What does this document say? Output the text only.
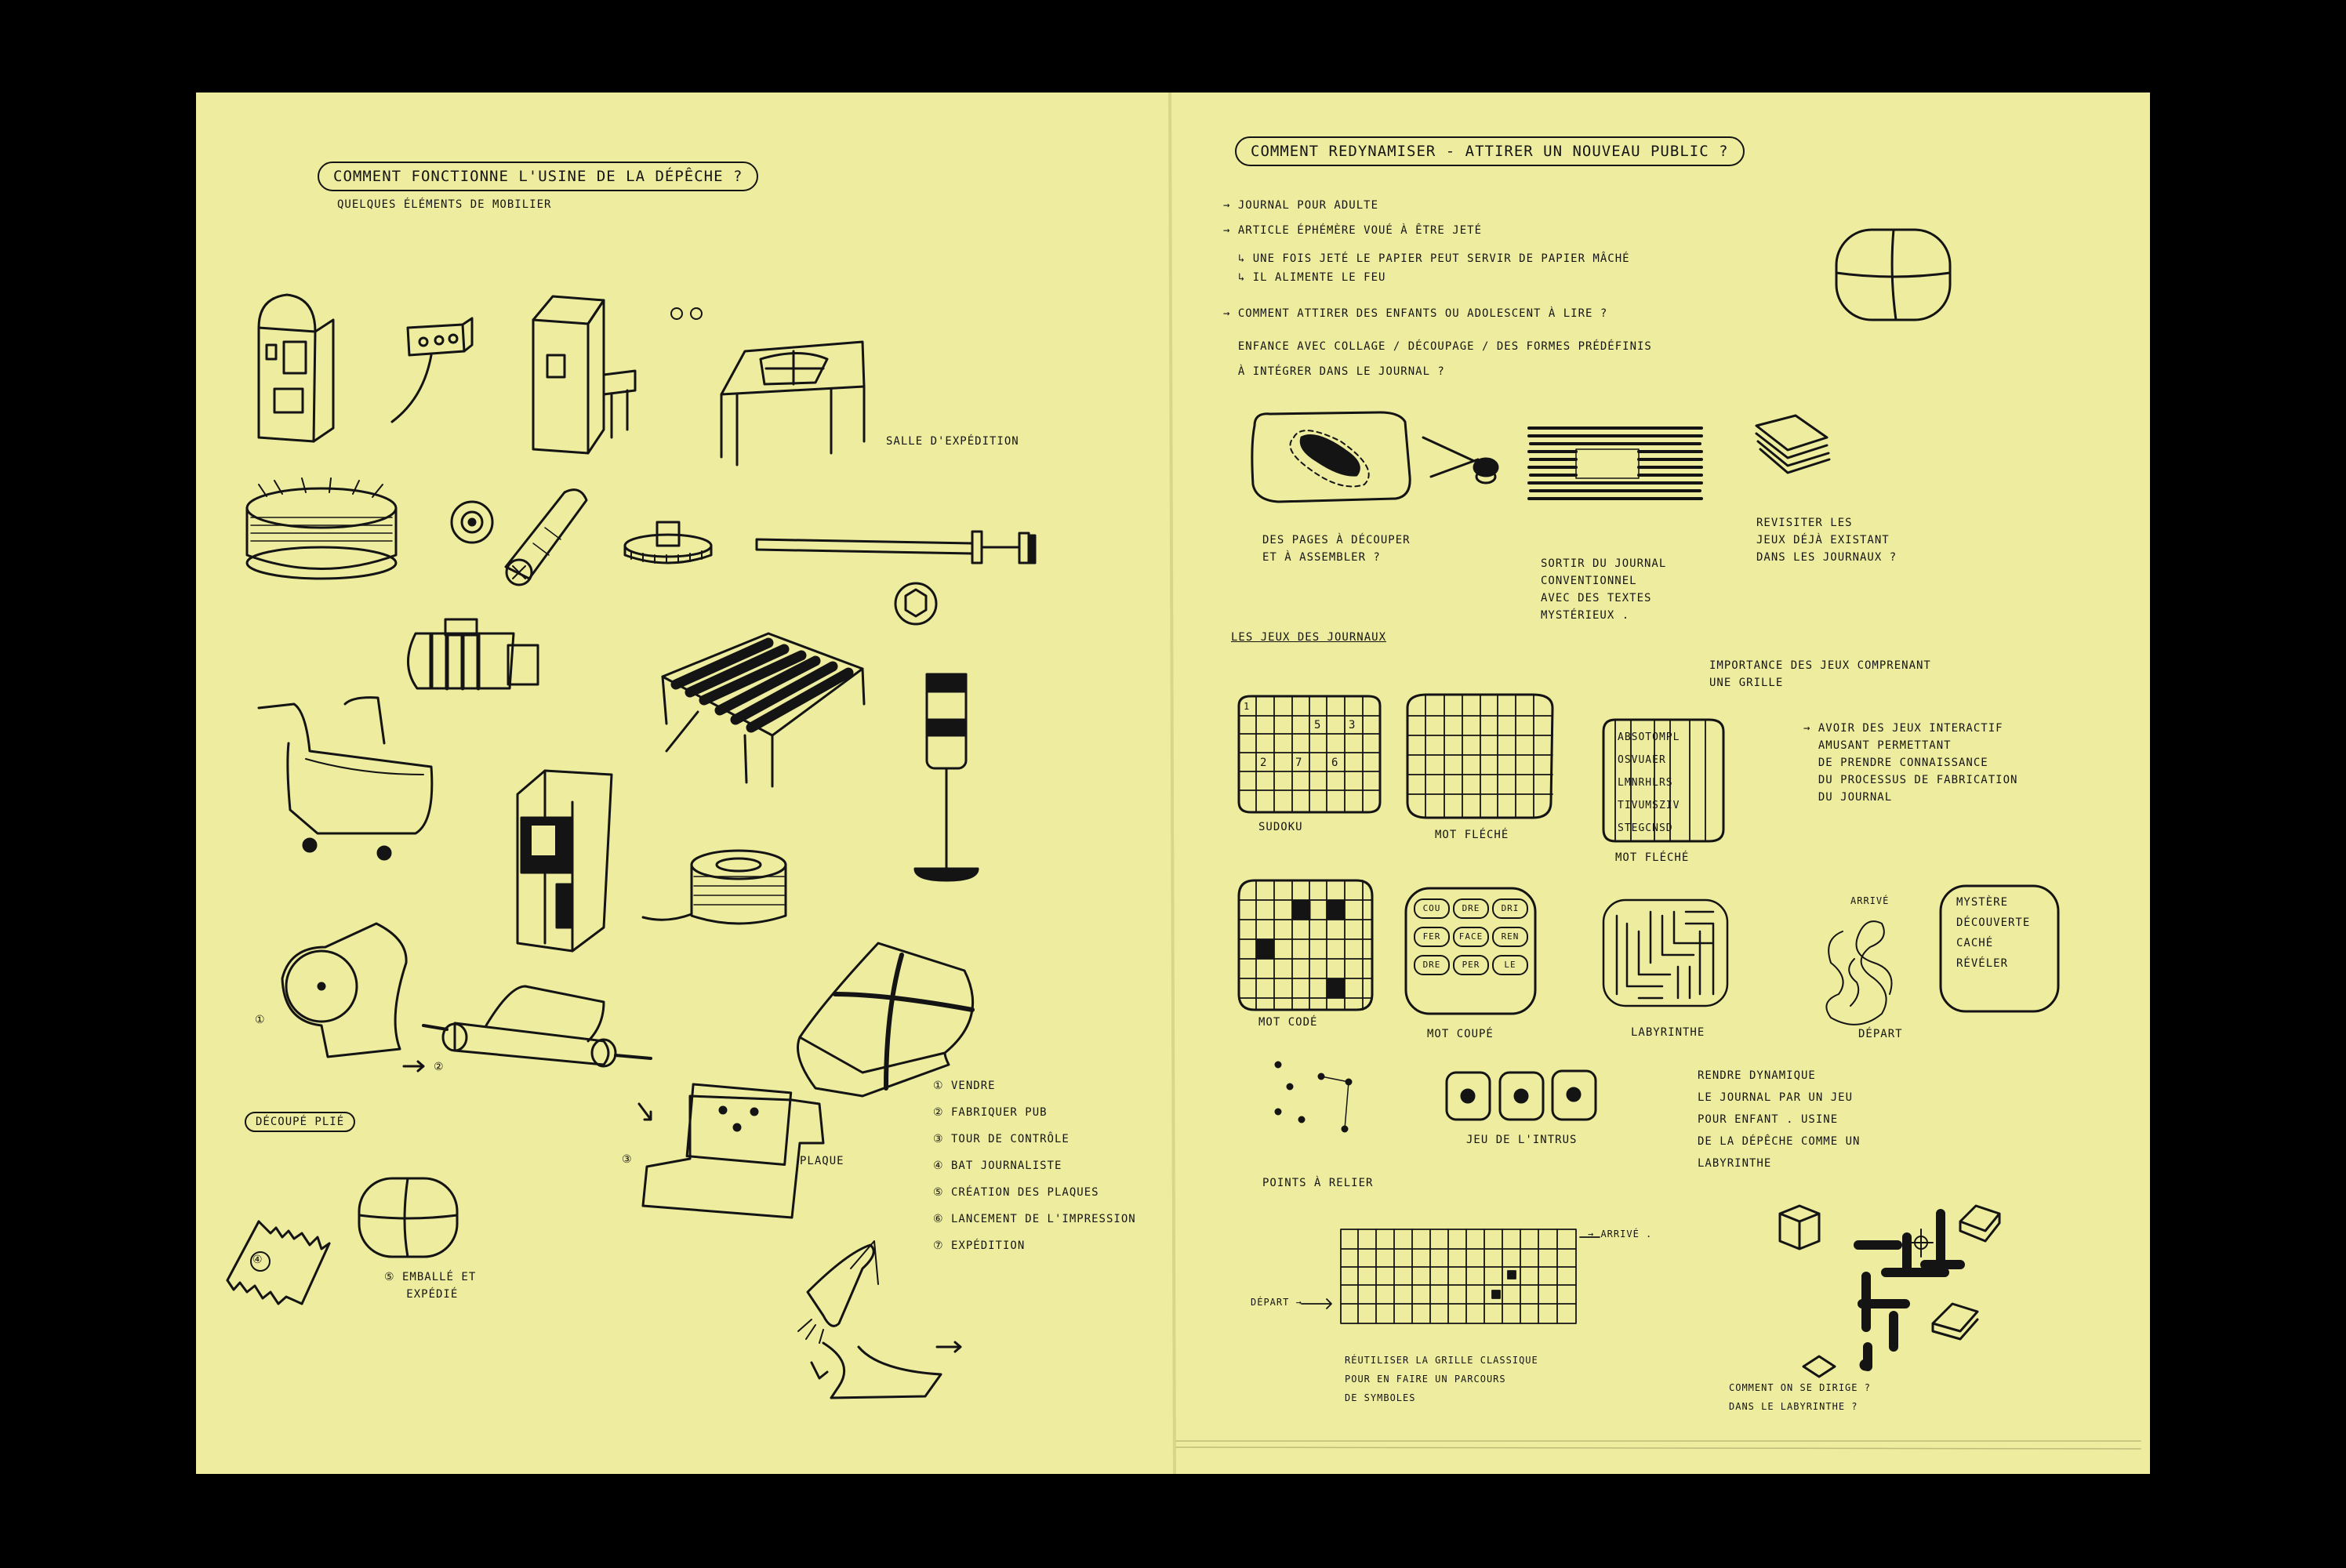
COMMENT FONCTIONNE L'USINE DE LA DÉPÊCHE ?
QUELQUES ÉLÉMENTS DE MOBILIER
SALLE D'EXPÉDITION
①
②
③
④
PLAQUE
DÉCOUPÉ PLIÉ
⑤ EMBALLÉ ET
EXPÉDIÉ
① VENDRE
② FABRIQUER PUB
③ TOUR DE CONTRÔLE
④ BAT JOURNALISTE
⑤ CRÉATION DES PLAQUES
⑥ LANCEMENT DE L'IMPRESSION
⑦ EXPÉDITION
COMMENT REDYNAMISER - ATTIRER UN NOUVEAU PUBLIC ?
→ JOURNAL POUR ADULTE
→ ARTICLE ÉPHÉMÈRE VOUÉ À ÊTRE JETÉ
↳ UNE FOIS JETÉ LE PAPIER PEUT SERVIR DE PAPIER MÂCHÉ
↳ IL ALIMENTE LE FEU
→ COMMENT ATTIRER DES ENFANTS OU ADOLESCENT À LIRE ?
ENFANCE AVEC COLLAGE / DÉCOUPAGE / DES FORMES PRÉDÉFINIS
À INTÉGRER DANS LE JOURNAL ?
DES PAGES À DÉCOUPER
ET À ASSEMBLER ?	SORTIR DU JOURNAL
CONVENTIONNEL
AVEC DES TEXTES
MYSTÉRIEUX .
REVISITER LES
JEUX DÉJÀ EXISTANT
DANS LES JOURNAUX ?
LES JEUX DES JOURNAUX
IMPORTANCE DES JEUX COMPRENANT
UNE GRILLE
→ AVOIR DES JEUX INTERACTIF
AMUSANT PERMETTANT
DE PRENDRE CONNAISSANCE
DU PROCESSUS DE FABRICATION
DU JOURNAL
SUDOKU
MOT FLÉCHÉ
MOT FLÉCHÉ
MOT CODÉ
MOT COUPÉ	LABYRINTHE
ARRIVÉ
DÉPART
MYSTÈRE
DÉCOUVERTE
CACHÉ
RÉVÉLER
POINTS À RELIER
JEU DE L'INTRUS
RENDRE DYNAMIQUE
LE JOURNAL PAR UN JEU
POUR ENFANT . USINE
DE LA DÉPÊCHE COMME UN
LABYRINTHE
→ ARRIVÉ .
DÉPART →
RÉUTILISER LA GRILLE CLASSIQUE
POUR EN FAIRE UN PARCOURS
DE SYMBOLES
COMMENT ON SE DIRIGE ?
DANS LE LABYRINTHE ?
1
5 3
2	7	6
ABSOTOMPL
OSVUAER
LMNRHLRS
TIVUMSZIV
STEGCNSD
COU	DRE	DRI
FER	FACE	REN
DRE	PER	LE
